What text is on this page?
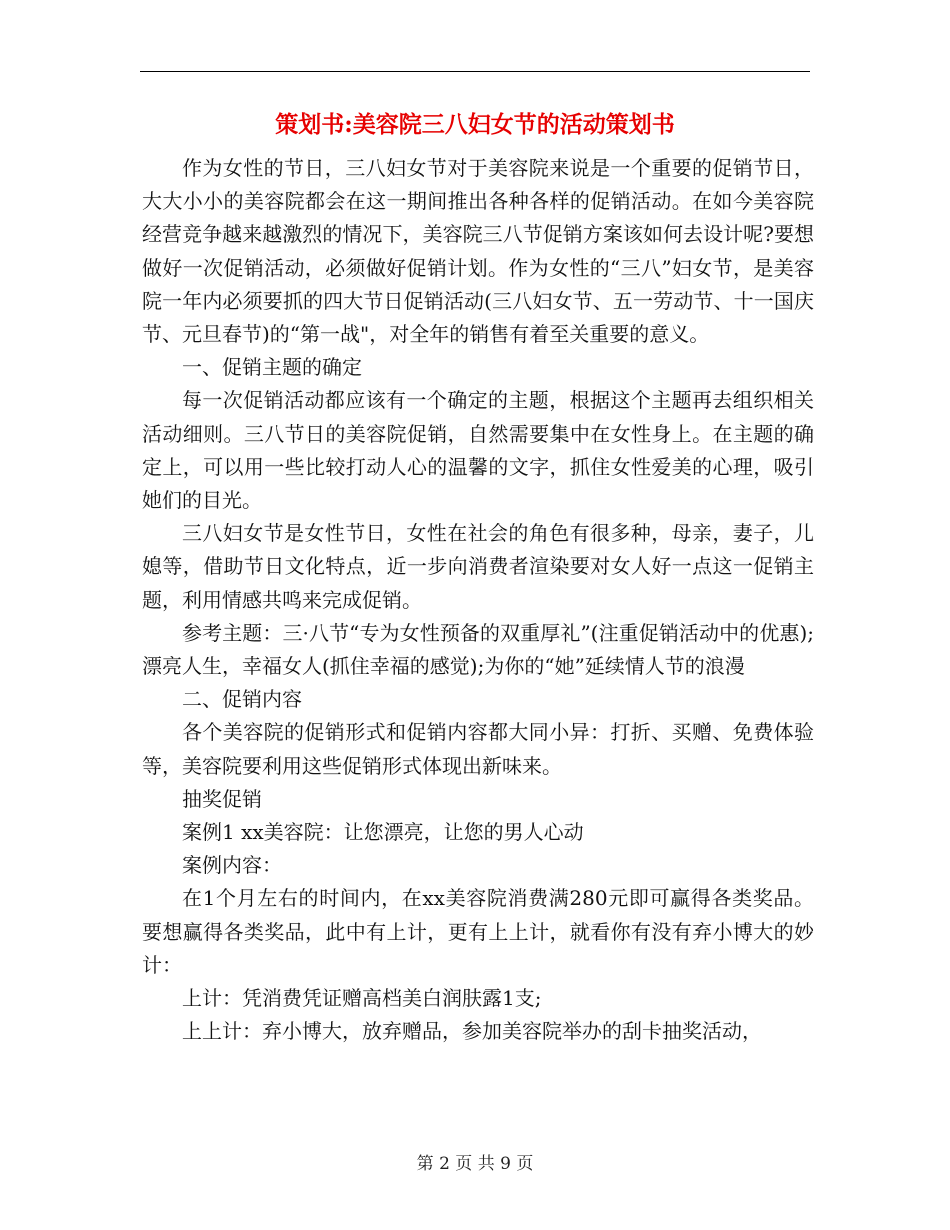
策划书:美容院三八妇女节的活动策划书

作为女性的节日，三八妇女节对于美容院来说是一个重要的促销节日，大大小小的美容院都会在这一期间推出各种各样的促销活动。在如今美容院经营竞争越来越激烈的情况下，美容院三八节促销方案该如何去设计呢?要想做好一次促销活动，必须做好促销计划。作为女性的“三八”妇女节，是美容院一年内必须要抓的四大节日促销活动(三八妇女节、五一劳动节、十一国庆节、元旦春节)的“第一战"，对全年的销售有着至关重要的意义。

一、促销主题的确定

每一次促销活动都应该有一个确定的主题，根据这个主题再去组织相关活动细则。三八节日的美容院促销，自然需要集中在女性身上。在主题的确定上，可以用一些比较打动人心的温馨的文字，抓住女性爱美的心理，吸引她们的目光。

三八妇女节是女性节日，女性在社会的角色有很多种，母亲，妻子，儿媳等，借助节日文化特点，近一步向消费者渲染要对女人好一点这一促销主题，利用情感共鸣来完成促销。

参考主题：三·八节“专为女性预备的双重厚礼”(注重促销活动中的优惠);漂亮人生，幸福女人(抓住幸福的感觉);为你的“她”延续情人节的浪漫

二、促销内容

各个美容院的促销形式和促销内容都大同小异：打折、买赠、免费体验等，美容院要利用这些促销形式体现出新味来。

抽奖促销

案例1 xx美容院：让您漂亮，让您的男人心动

案例内容：

在1个月左右的时间内，在xx美容院消费满280元即可赢得各类奖品。要想赢得各类奖品，此中有上计，更有上上计，就看你有没有弃小博大的妙计：

上计：凭消费凭证赠高档美白润肤露1支;

上上计：弃小博大，放弃赠品，参加美容院举办的刮卡抽奖活动，

第 2 页 共 9 页
